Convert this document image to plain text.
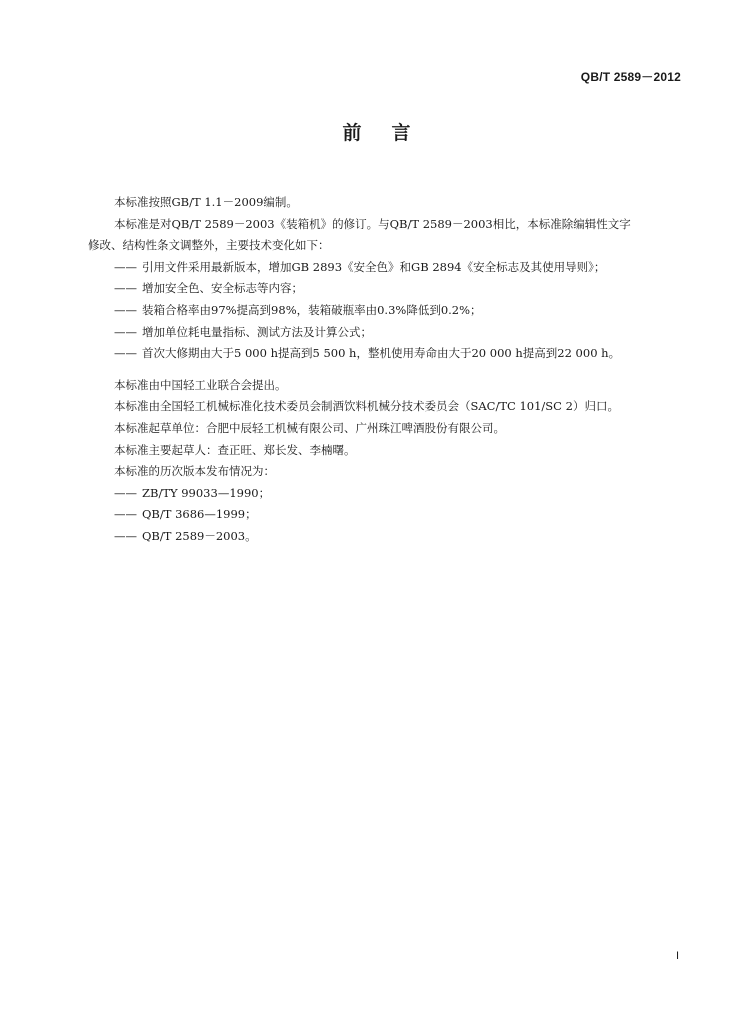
QB/T 2589－2012
前言
本标准按照GB/T 1.1－2009编制。
本标准是对QB/T 2589－2003《装箱机》的修订。与QB/T 2589－2003相比，本标准除编辑性文字
修改、结构性条文调整外，主要技术变化如下：
—— 引用文件采用最新版本，增加GB 2893《安全色》和GB 2894《安全标志及其使用导则》；
—— 增加安全色、安全标志等内容；
—— 装箱合格率由97%提高到98%，装箱破瓶率由0.3%降低到0.2%；
—— 增加单位耗电量指标、测试方法及计算公式；
—— 首次大修期由大于5 000 h提高到5 500 h，整机使用寿命由大于20 000 h提高到22 000 h。
本标准由中国轻工业联合会提出。
本标准由全国轻工机械标准化技术委员会制酒饮料机械分技术委员会（SAC/TC 101/SC 2）归口。
本标准起草单位：合肥中辰轻工机械有限公司、广州珠江啤酒股份有限公司。
本标准主要起草人：查正旺、郑长发、李楠曙。
本标准的历次版本发布情况为：
—— ZB/TY 99033—1990；
—— QB/T 3686—1999；
—— QB/T 2589－2003。
I
